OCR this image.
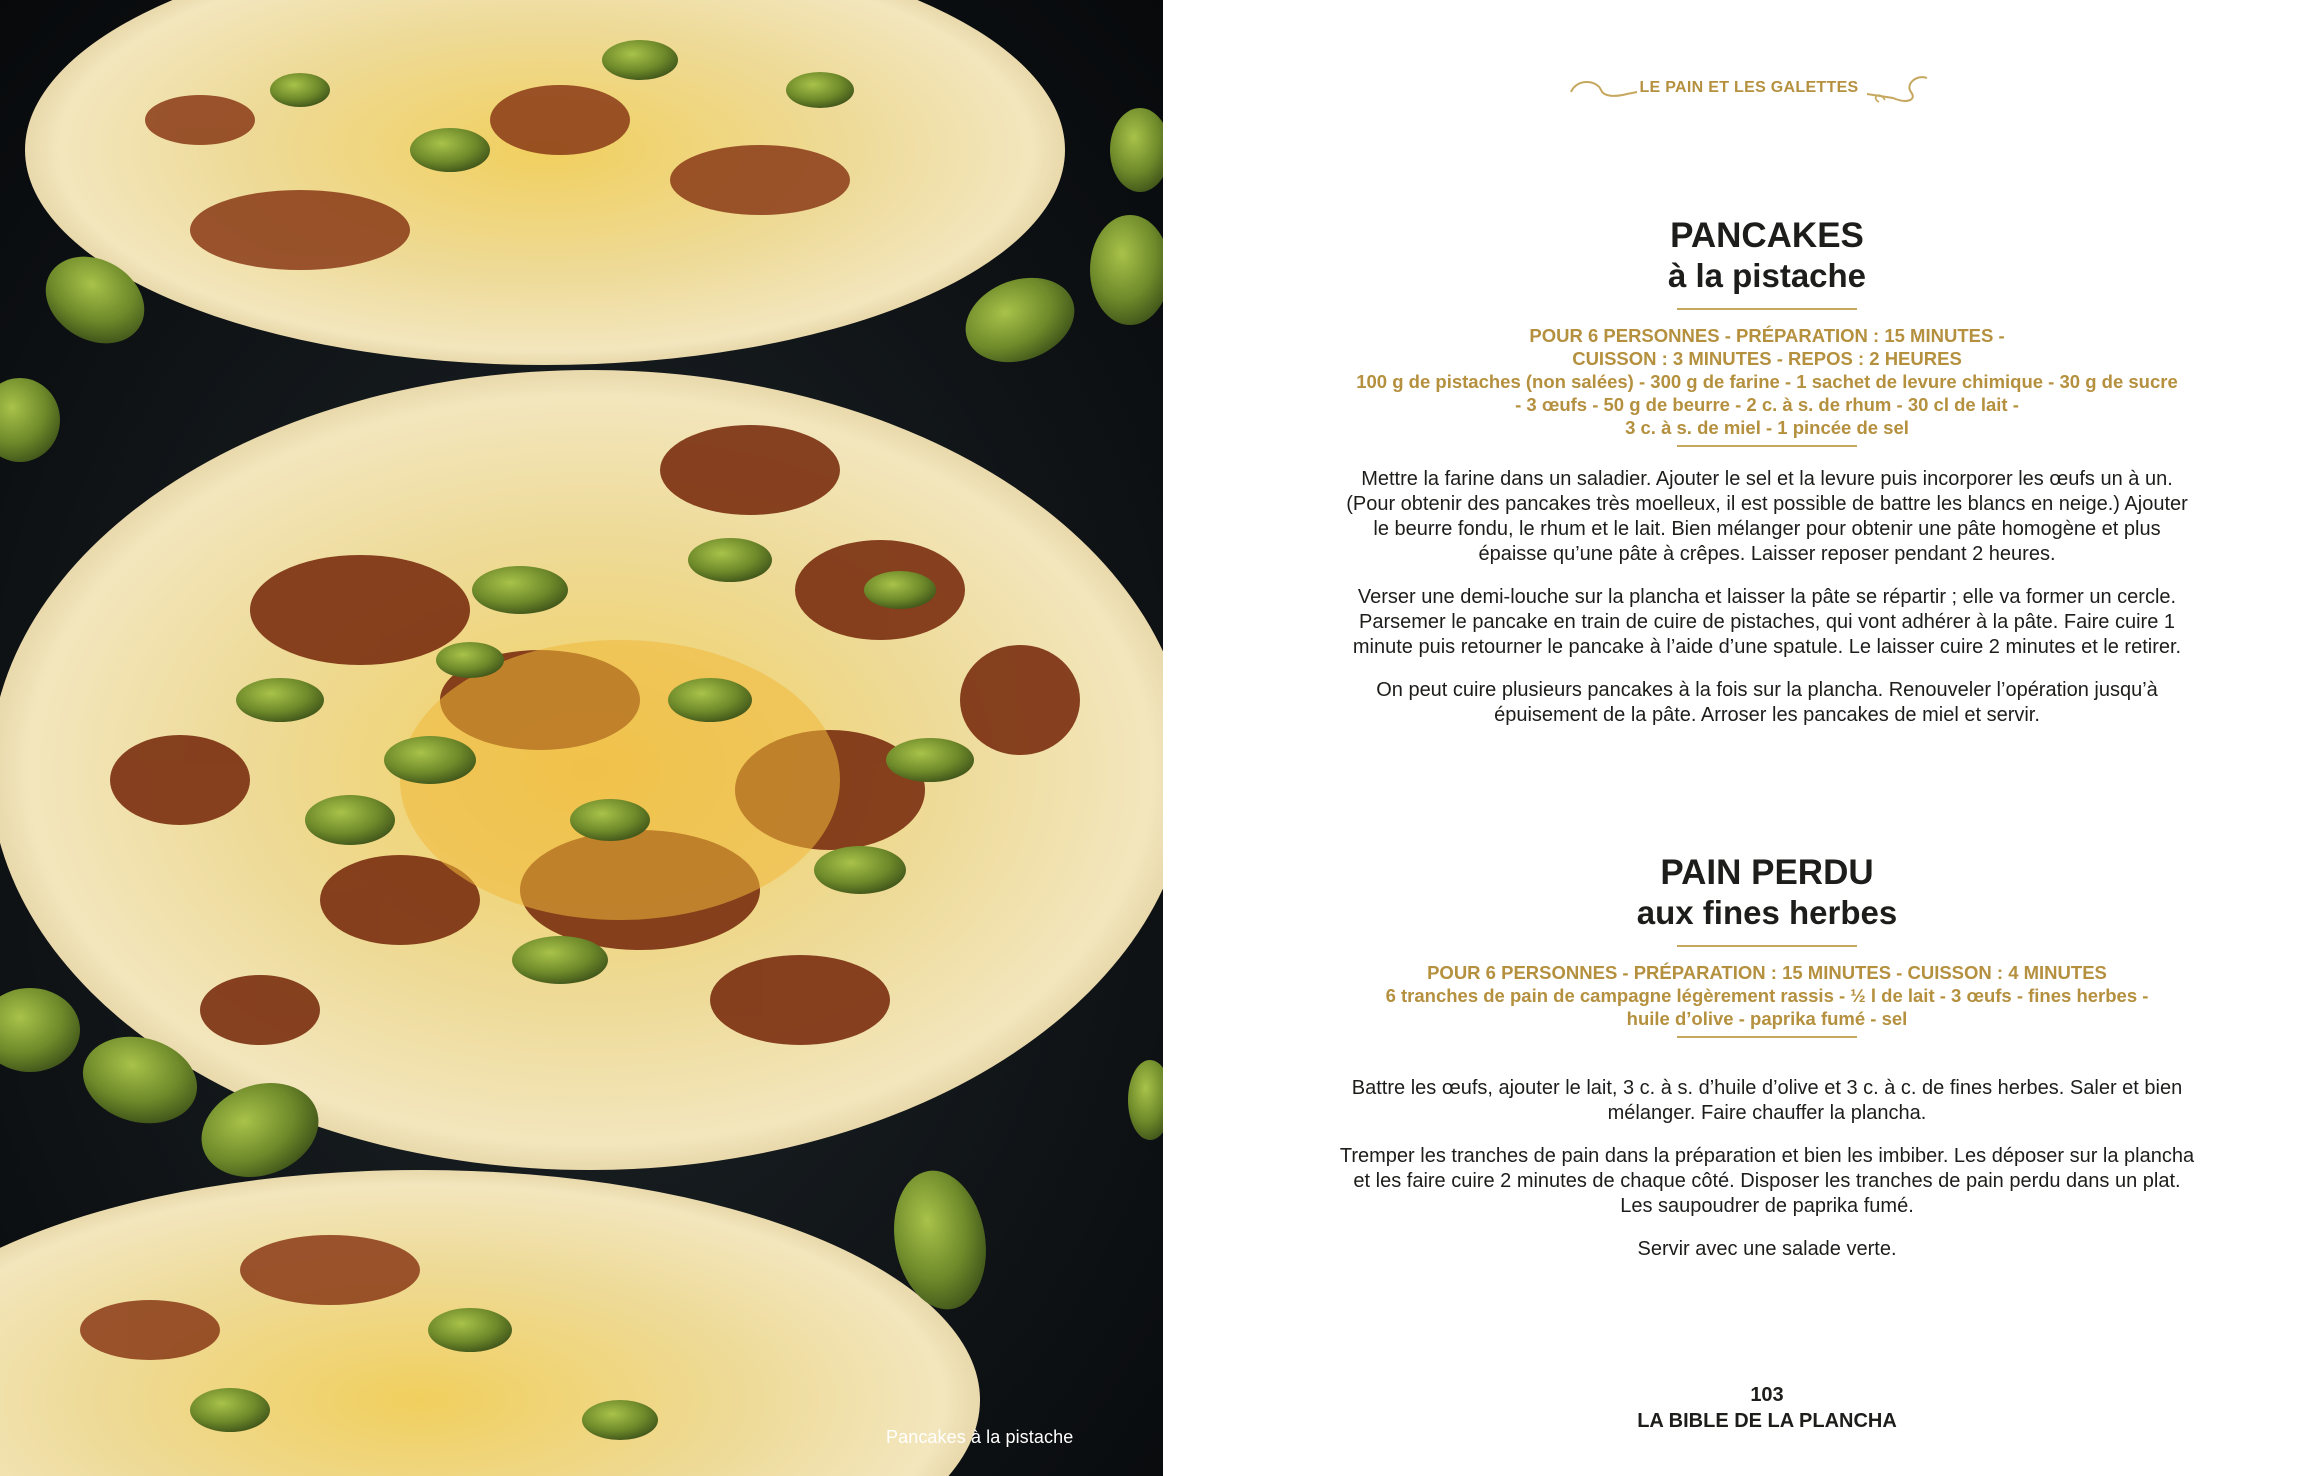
Pancakes à la pistache
LE PAIN ET LES GALETTES
PANCAKES
à la pistache
POUR 6 PERSONNES - PRÉPARATION : 15 MINUTES -
CUISSON : 3 MINUTES - REPOS : 2 HEURES
100 g de pistaches (non salées) - 300 g de farine - 1 sachet de levure chimique - 30 g de sucre
- 3 œufs - 50 g de beurre - 2 c. à s. de rhum - 30 cl de lait -
3 c. à s. de miel - 1 pincée de sel

Mettre la farine dans un saladier. Ajouter le sel et la levure puis incorporer les œufs un à un. (Pour obtenir des pancakes très moelleux, il est possible de battre les blancs en neige.) Ajouter le beurre fondu, le rhum et le lait. Bien mélanger pour obtenir une pâte homogène et plus épaisse qu’une pâte à crêpes. Laisser reposer pendant 2 heures.

Verser une demi-louche sur la plancha et laisser la pâte se répartir ; elle va former un cercle. Parsemer le pancake en train de cuire de pistaches, qui vont adhérer à la pâte. Faire cuire 1 minute puis retourner le pancake à l’aide d’une spatule. Le laisser cuire 2 minutes et le retirer.

On peut cuire plusieurs pancakes à la fois sur la plancha. Renouveler l’opération jusqu’à épuisement de la pâte. Arroser les pancakes de miel et servir.

PAIN PERDU
aux fines herbes
POUR 6 PERSONNES - PRÉPARATION : 15 MINUTES - CUISSON : 4 MINUTES
6 tranches de pain de campagne légèrement rassis - ½ l de lait - 3 œufs - fines herbes -
huile d’olive - paprika fumé - sel

Battre les œufs, ajouter le lait, 3 c. à s. d’huile d’olive et 3 c. à c. de fines herbes. Saler et bien mélanger. Faire chauffer la plancha.

Tremper les tranches de pain dans la préparation et bien les imbiber. Les déposer sur la plancha et les faire cuire 2 minutes de chaque côté. Disposer les tranches de pain perdu dans un plat. Les saupoudrer de paprika fumé.

Servir avec une salade verte.

103
LA BIBLE DE LA PLANCHA
